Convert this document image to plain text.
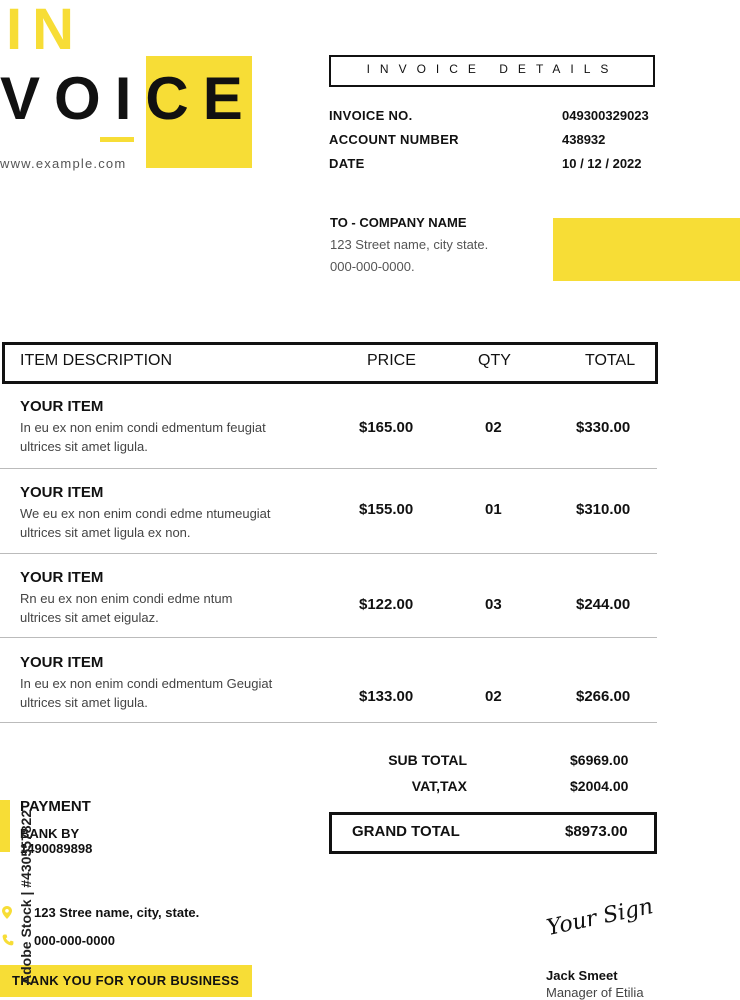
IN
VOICE
www.example.com
INVOICE DETAILS
INVOICE NO.	049300329023
ACCOUNT NUMBER	438932
DATE	10 / 12 / 2022
TO - COMPANY NAME
123 Street name, city state.
000-000-0000.
ITEM DESCRIPTION	PRICE	QTY	TOTAL
YOUR ITEM
In eu ex non enim condi edmentum feugiat
ultrices sit amet ligula.
$165.00	02	$330.00
YOUR ITEM
We eu ex non enim condi edme ntumeugiat
ultrices sit amet ligula ex non.
$155.00	01	$310.00
YOUR ITEM
Rn eu ex non enim condi edme ntum
ultrices sit amet eigulaz.
$122.00	03	$244.00
YOUR ITEM
In eu ex non enim condi edmentum Geugiat
ultrices sit amet ligula.	$133.00	02	$266.00
SUB TOTAL	$6969.00
VAT,TAX	$2004.00
GRAND TOTAL	$8973.00
PAYMENT
BANK BY
1490089898
123 Stree name, city, state.
000-000-0000
THANK YOU FOR YOUR BUSINESS
Your Sign
Jack Smeet
Manager of Etilia
Adobe Stock | #430557822
